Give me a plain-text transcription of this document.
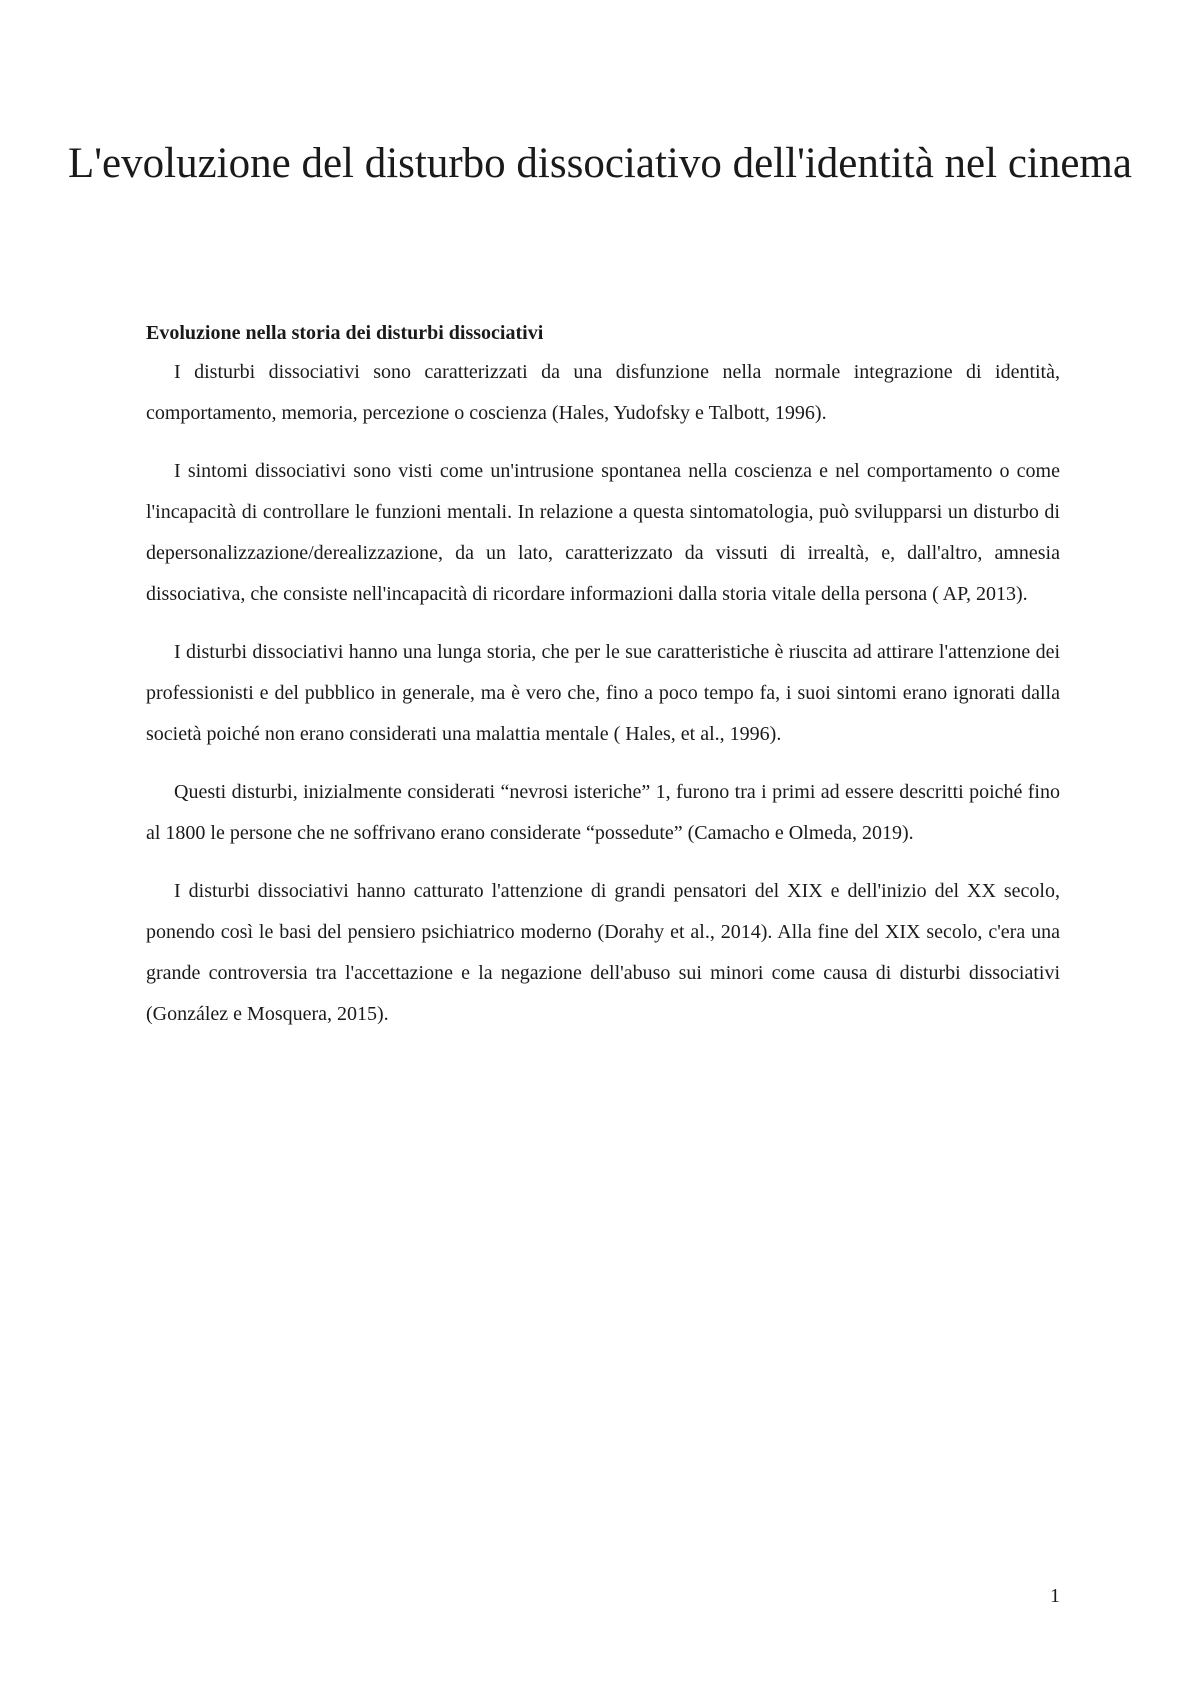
L'evoluzione del disturbo dissociativo dell'identità nel cinema
Evoluzione nella storia dei disturbi dissociativi

I disturbi dissociativi sono caratterizzati da una disfunzione nella normale integrazione di identità, comportamento, memoria, percezione o coscienza (Hales, Yudofsky e Talbott, 1996).

I sintomi dissociativi sono visti come un'intrusione spontanea nella coscienza e nel comportamento o come l'incapacità di controllare le funzioni mentali. In relazione a questa sintomatologia, può svilupparsi un disturbo di depersonalizzazione/derealizzazione, da un lato, caratterizzato da vissuti di irrealtà, e, dall'altro, amnesia dissociativa, che consiste nell'incapacità di ricordare informazioni dalla storia vitale della persona ( AP, 2013).

I disturbi dissociativi hanno una lunga storia, che per le sue caratteristiche è riuscita ad attirare l'attenzione dei professionisti e del pubblico in generale, ma è vero che, fino a poco tempo fa, i suoi sintomi erano ignorati dalla società poiché non erano considerati una malattia mentale ( Hales, et al., 1996).

Questi disturbi, inizialmente considerati “nevrosi isteriche” 1, furono tra i primi ad essere descritti poiché fino al 1800 le persone che ne soffrivano erano considerate “possedute” (Camacho e Olmeda, 2019).

I disturbi dissociativi hanno catturato l'attenzione di grandi pensatori del XIX e dell'inizio del XX secolo, ponendo così le basi del pensiero psichiatrico moderno (Dorahy et al., 2014). Alla fine del XIX secolo, c'era una grande controversia tra l'accettazione e la negazione dell'abuso sui minori come causa di disturbi dissociativi (González e Mosquera, 2015).

1
